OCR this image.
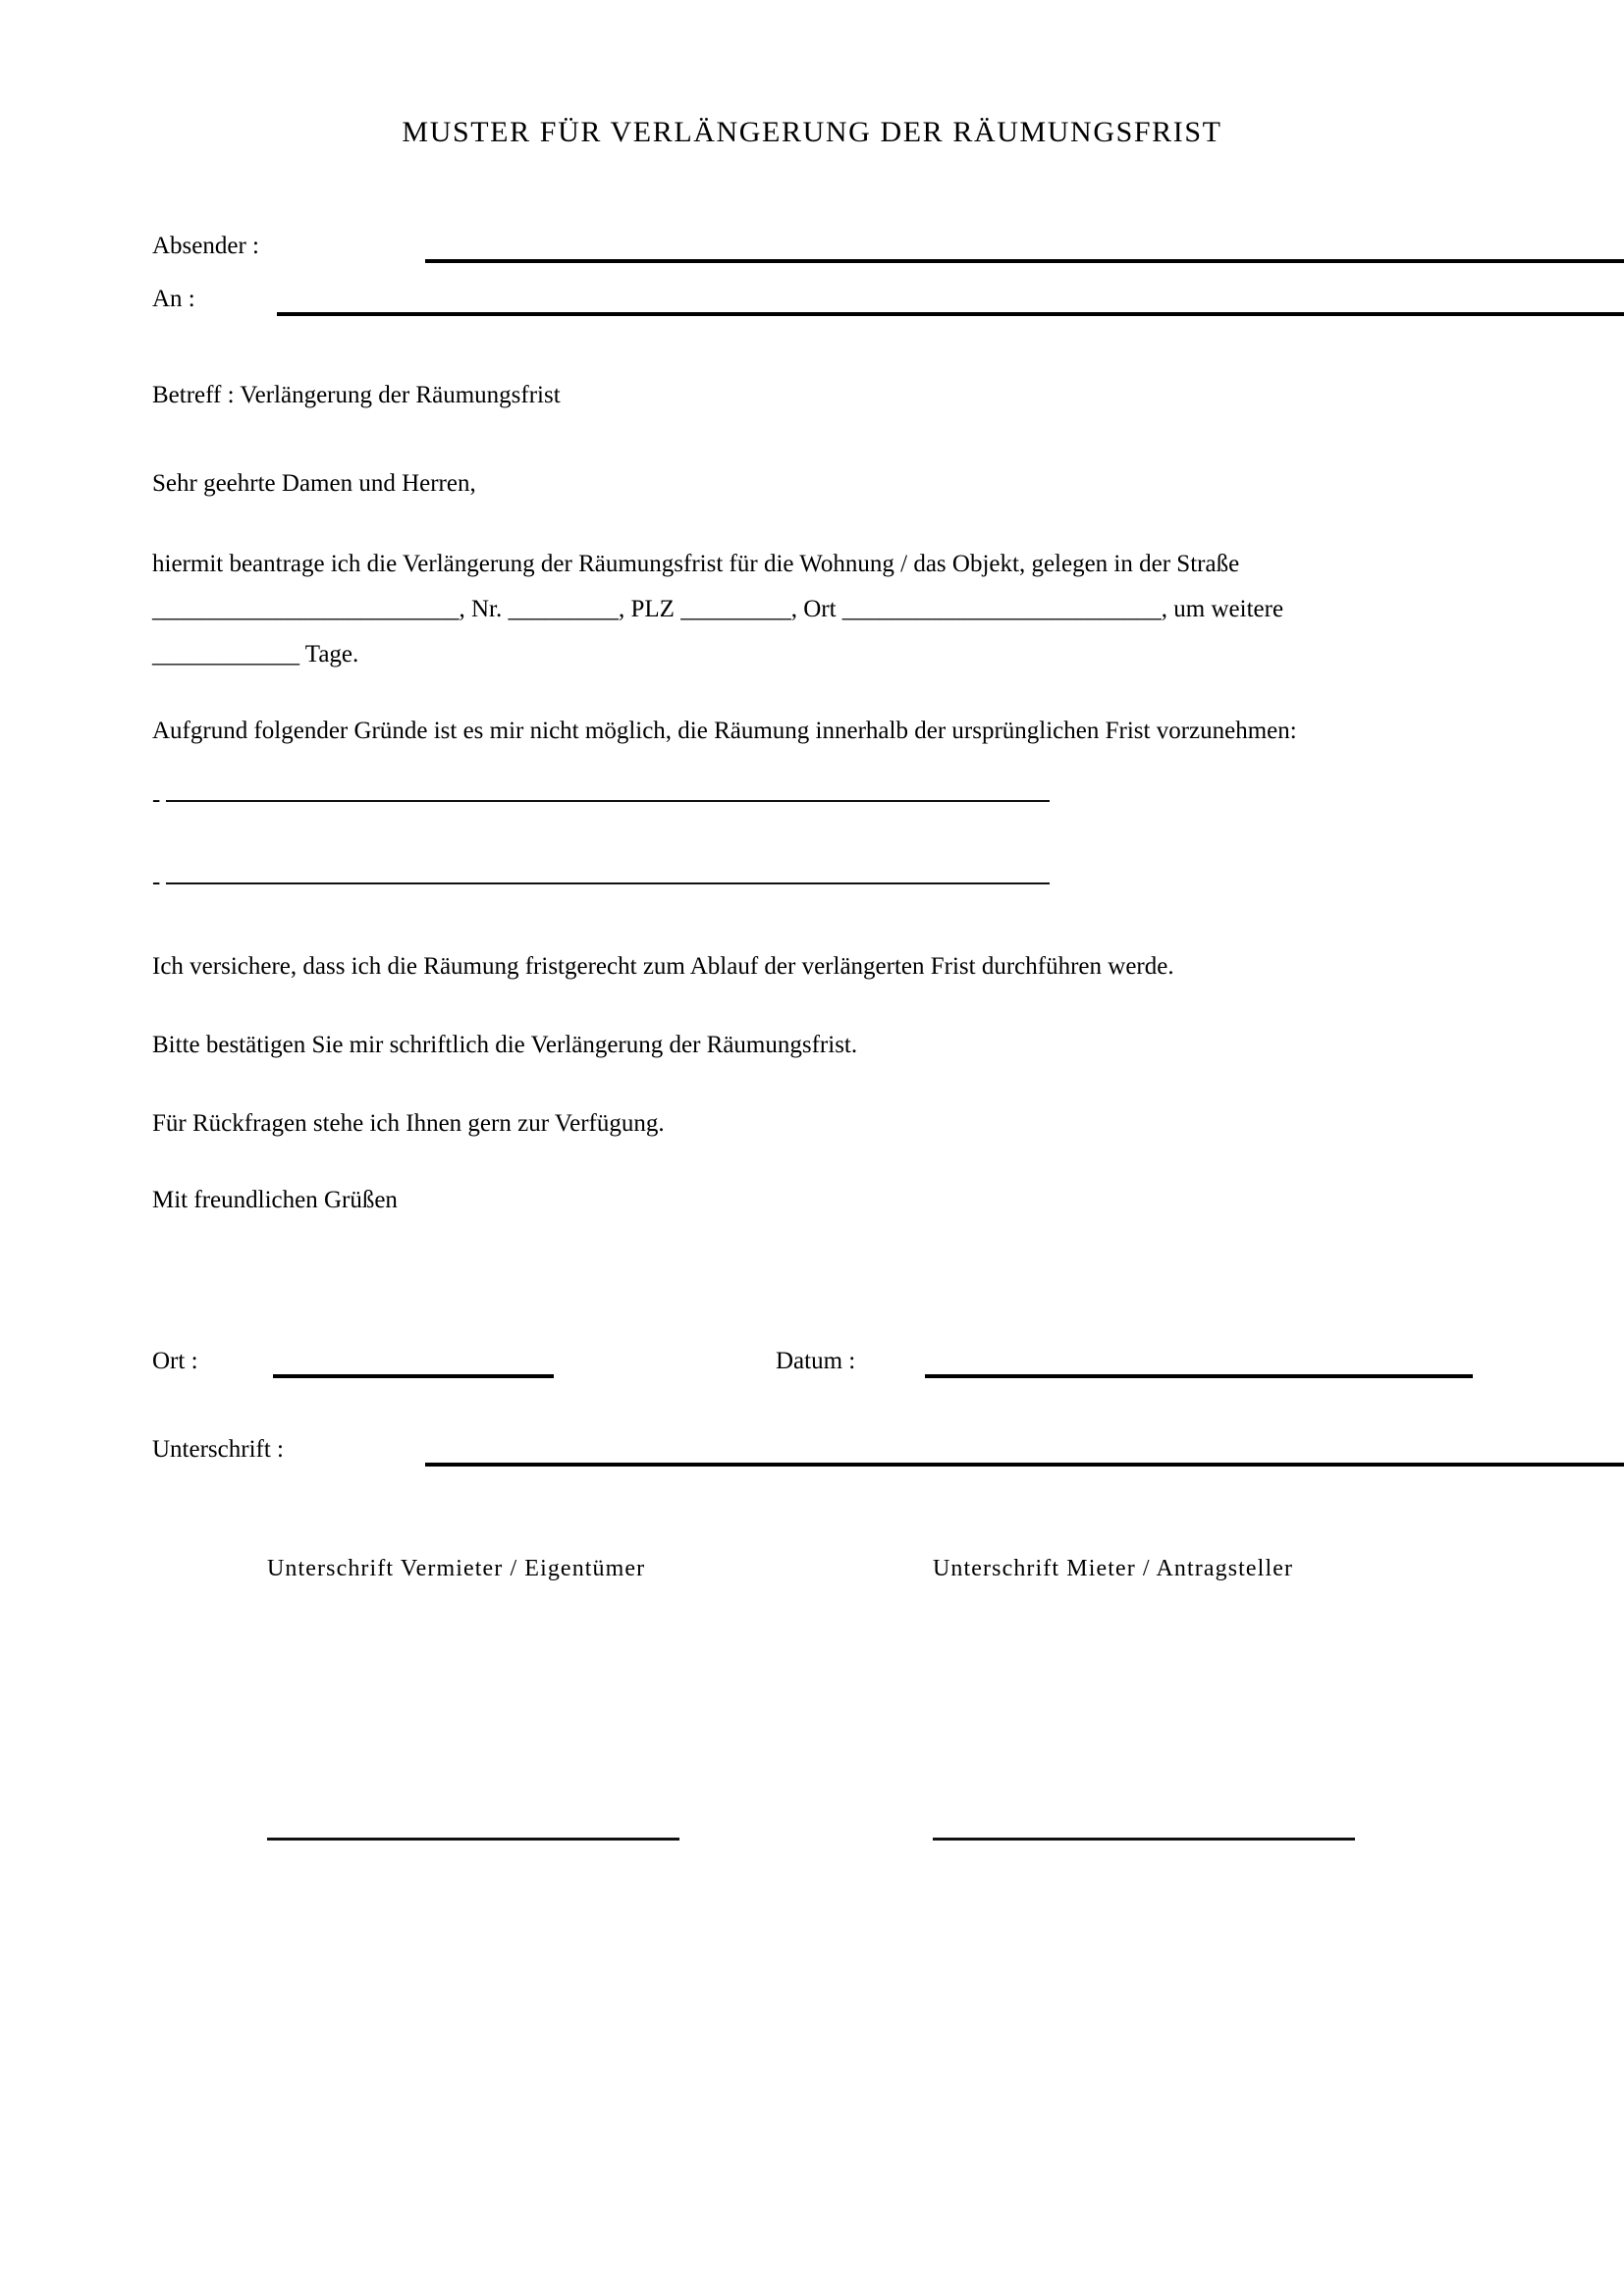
MUSTER FÜR VERLÄNGERUNG DER RÄUMUNGSFRIST
Absender :
An :
Betreff : Verlängerung der Räumungsfrist
Sehr geehrte Damen und Herren,
hiermit beantrage ich die Verlängerung der Räumungsfrist für die Wohnung / das Objekt, gelegen in der Straße
_________________________, Nr. _________, PLZ _________, Ort __________________________, um weitere
____________ Tage.
Aufgrund folgender Gründe ist es mir nicht möglich, die Räumung innerhalb der ursprünglichen Frist vorzunehmen:
-
-
Ich versichere, dass ich die Räumung fristgerecht zum Ablauf der verlängerten Frist durchführen werde.
Bitte bestätigen Sie mir schriftlich die Verlängerung der Räumungsfrist.
Für Rückfragen stehe ich Ihnen gern zur Verfügung.
Mit freundlichen Grüßen
Ort :	Datum :
Unterschrift :
Unterschrift Vermieter / Eigentümer	Unterschrift Mieter / Antragsteller
